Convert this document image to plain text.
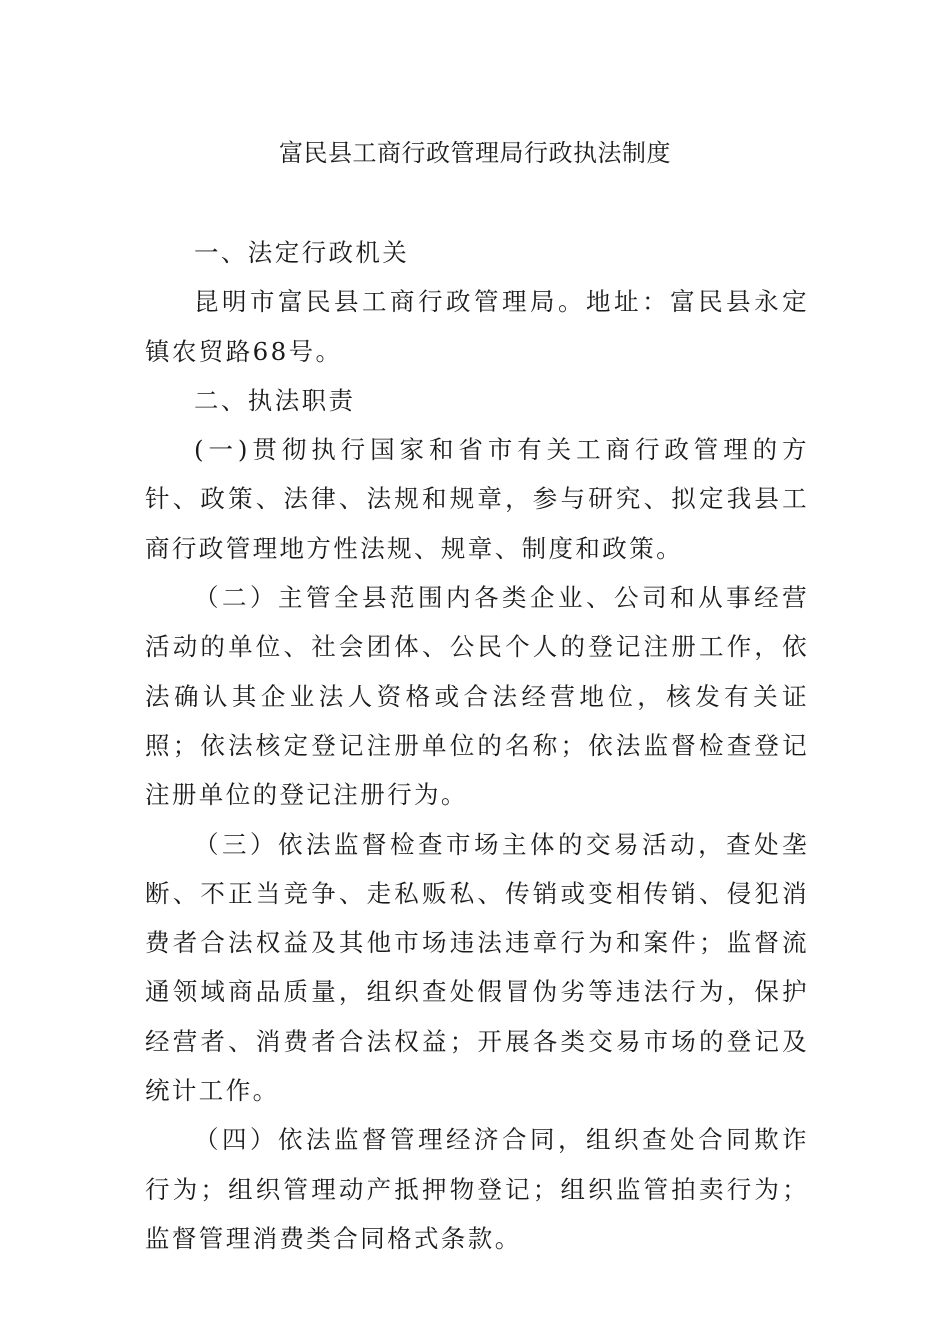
富民县工商行政管理局行政执法制度

一、法定行政机关

昆明市富民县工商行政管理局。地址：富民县永定镇农贸路68号。

二、执法职责

(一)贯彻执行国家和省市有关工商行政管理的方针、政策、法律、法规和规章，参与研究、拟定我县工商行政管理地方性法规、规章、制度和政策。

（二）主管全县范围内各类企业、公司和从事经营活动的单位、社会团体、公民个人的登记注册工作，依法确认其企业法人资格或合法经营地位，核发有关证照；依法核定登记注册单位的名称；依法监督检查登记注册单位的登记注册行为。

（三）依法监督检查市场主体的交易活动，查处垄断、不正当竞争、走私贩私、传销或变相传销、侵犯消费者合法权益及其他市场违法违章行为和案件；监督流通领域商品质量，组织查处假冒伪劣等违法行为，保护经营者、消费者合法权益；开展各类交易市场的登记及统计工作。

（四）依法监督管理经济合同，组织查处合同欺诈行为；组织管理动产抵押物登记；组织监管拍卖行为；监督管理消费类合同格式条款。
